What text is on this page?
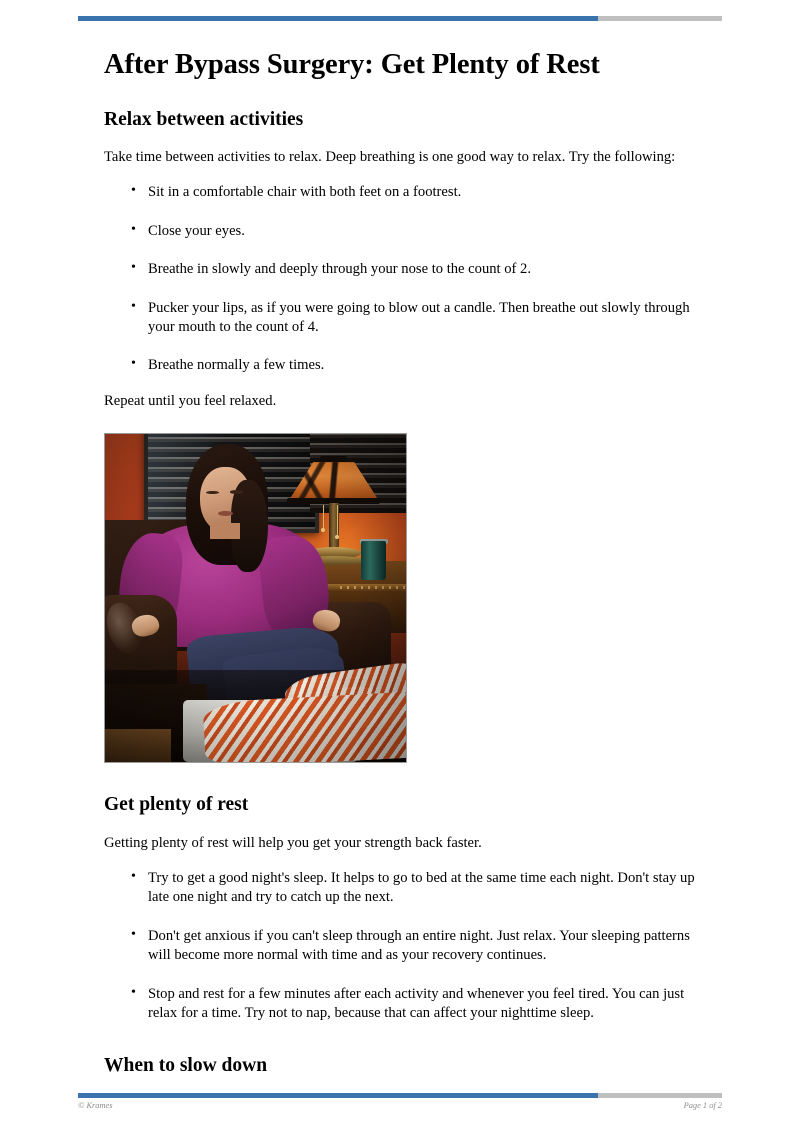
After Bypass Surgery: Get Plenty of Rest
Relax between activities

Take time between activities to relax. Deep breathing is one good way to relax. Try the following:

• Sit in a comfortable chair with both feet on a footrest.
• Close your eyes.
• Breathe in slowly and deeply through your nose to the count of 2.
• Pucker your lips, as if you were going to blow out a candle. Then breathe out slowly through your mouth to the count of 4.
• Breathe normally a few times.

Repeat until you feel relaxed.

Get plenty of rest

Getting plenty of rest will help you get your strength back faster.

• Try to get a good night's sleep. It helps to go to bed at the same time each night. Don't stay up late one night and try to catch up the next.
• Don't get anxious if you can't sleep through an entire night. Just relax. Your sleeping patterns will become more normal with time and as your recovery continues.
• Stop and rest for a few minutes after each activity and whenever you feel tired. You can just relax for a time. Try not to nap, because that can affect your nighttime sleep.
When to slow down
© Krames	Page 1 of 2
